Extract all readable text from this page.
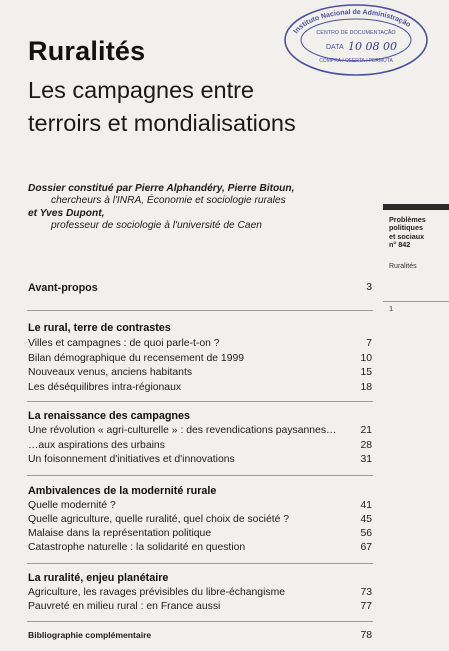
Instituto Nacional de Administração
CENTRO DE DOCUMENTAÇÃO
DATA 10 08 00
COMPRA / OFERTA / PERMUTA
Ruralités
Les campagnes entre
terroirs et mondialisations
Dossier constitué par Pierre Alphandéry, Pierre Bitoun,
chercheurs à l'INRA, Économie et sociologie rurales
et Yves Dupont,
professeur de sociologie à l'université de Caen
Problèmes
politiques
et sociaux
n° 842
Ruralités
1
Avant-propos	3
Le rural, terre de contrastes
Villes et campagnes : de quoi parle-t-on ?	7
Bilan démographique du recensement de 1999	10
Nouveaux venus, anciens habitants	15
Les déséquilibres intra-régionaux	18
La renaissance des campagnes
Une révolution « agri-culturelle » : des revendications paysannes… 21
…aux aspirations des urbains	28
Un foisonnement d'initiatives et d'innovations	31
Ambivalences de la modernité rurale
Quelle modernité ?	41
Quelle agriculture, quelle ruralité, quel choix de société ?	45
Malaise dans la représentation politique	56
Catastrophe naturelle : la solidarité en question	67
La ruralité, enjeu planétaire
Agriculture, les ravages prévisibles du libre-échangisme	73
Pauvreté en milieu rural : en France aussi	77
Bibliographie complémentaire	78
